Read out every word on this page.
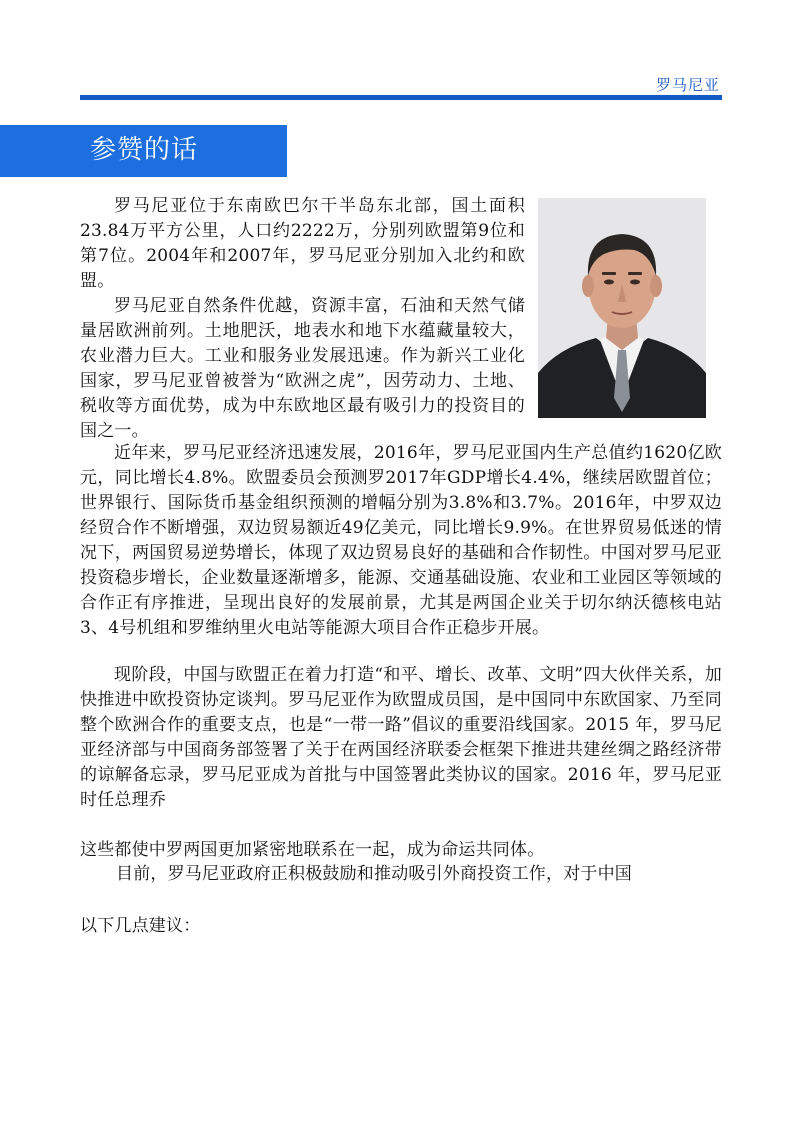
罗马尼亚
参赞的话

罗马尼亚位于东南欧巴尔干半岛东北部，国土面积23.84万平方公里，人口约2222万，分别列欧盟第9位和第7位。2004年和2007年，罗马尼亚分别加入北约和欧盟。

罗马尼亚自然条件优越，资源丰富，石油和天然气储量居欧洲前列。土地肥沃，地表水和地下水蕴藏量较大，农业潜力巨大。工业和服务业发展迅速。作为新兴工业化国家，罗马尼亚曾被誉为“欧洲之虎”，因劳动力、土地、税收等方面优势，成为中东欧地区最有吸引力的投资目的国之一。

近年来，罗马尼亚经济迅速发展，2016年，罗马尼亚国内生产总值约1620亿欧元，同比增长4.8%。欧盟委员会预测罗2017年GDP增长4.4%，继续居欧盟首位；世界银行、国际货币基金组织预测的增幅分别为3.8%和3.7%。2016年，中罗双边经贸合作不断增强，双边贸易额近49亿美元，同比增长9.9%。在世界贸易低迷的情况下，两国贸易逆势增长，体现了双边贸易良好的基础和合作韧性。中国对罗马尼亚投资稳步增长，企业数量逐渐增多，能源、交通基础设施、农业和工业园区等领域的合作正有序推进，呈现出良好的发展前景，尤其是两国企业关于切尔纳沃德核电站3、4号机组和罗维纳里火电站等能源大项目合作正稳步开展。

现阶段，中国与欧盟正在着力打造“和平、增长、改革、文明”四大伙伴关系，加快推进中欧投资协定谈判。罗马尼亚作为欧盟成员国，是中国同中东欧国家、乃至同整个欧洲合作的重要支点，也是“一带一路”倡议的重要沿线国家。2015 年，罗马尼亚经济部与中国商务部签署了关于在两国经济联委会框架下推进共建丝绸之路经济带的谅解备忘录，罗马尼亚成为首批与中国签署此类协议的国家。2016 年，罗马尼亚时任总理乔

这些都使中罗两国更加紧密地联系在一起，成为命运共同体。

目前，罗马尼亚政府正积极鼓励和推动吸引外商投资工作，对于中国

以下几点建议：
